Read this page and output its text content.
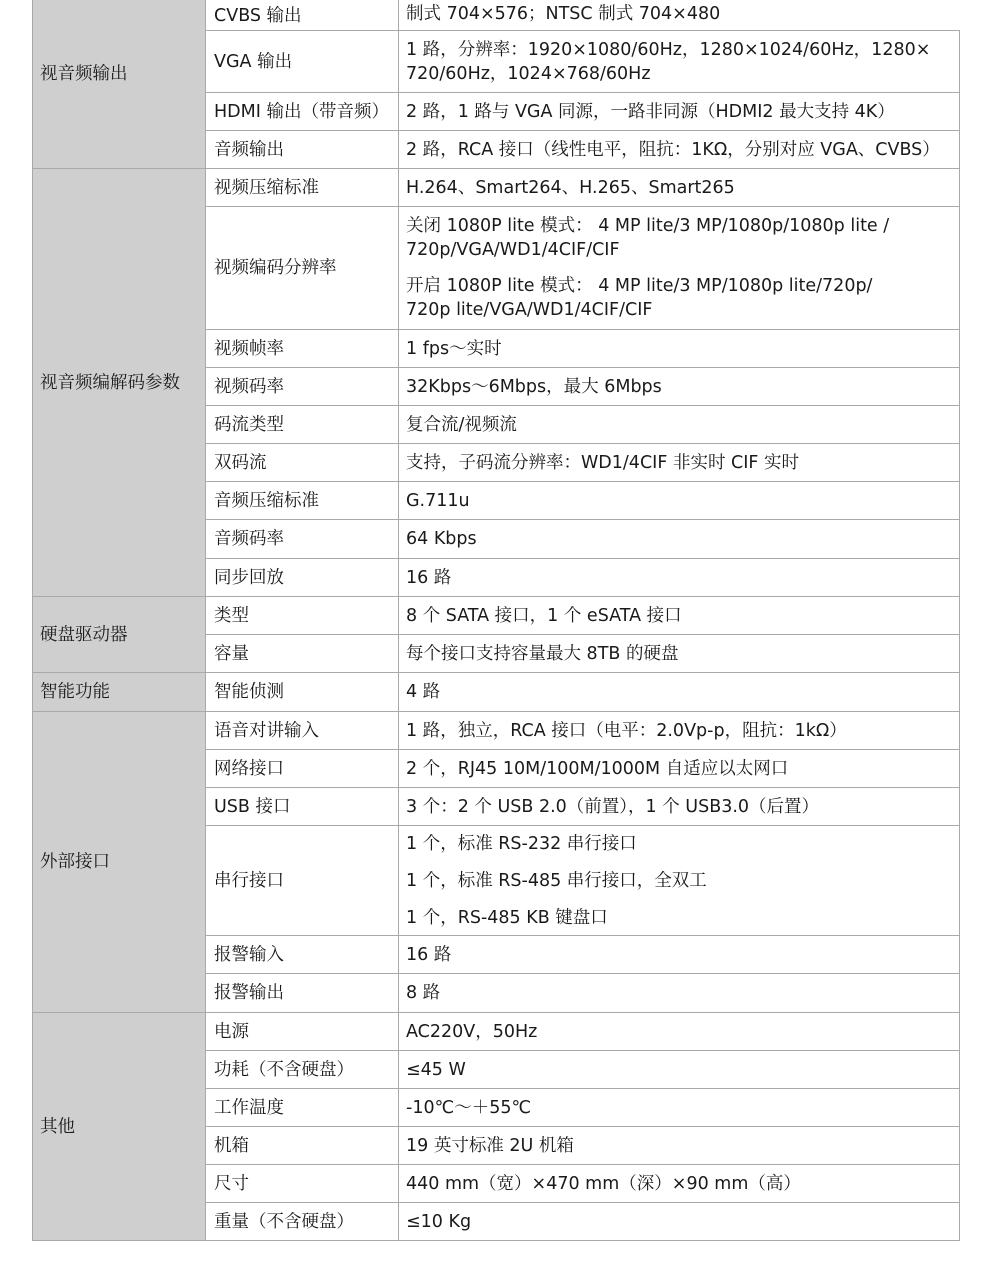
视音频输出	CVBS 输出	制式 704×576；NTSC 制式 704×480

	VGA 输出	1 路，分辨率：1920×1080/60Hz，1280×1024/60Hz，1280×
720/60Hz，1024×768/60Hz

	HDMI 输出（带音频）	2 路，1 路与 VGA 同源，一路非同源（HDMI2 最大支持 4K）

	音频输出	2 路，RCA 接口（线性电平，阻抗：1KΩ，分别对应 VGA、CVBS）

视音频编解码参数	视频压缩标准	H.264、Smart264、H.265、Smart265

	视频编码分辨率	关闭 1080P lite 模式： 4 MP lite/3 MP/1080p/1080p lite /
720p/VGA/WD1/4CIF/CIF
开启 1080P lite 模式： 4 MP lite/3 MP/1080p lite/720p/
720p lite/VGA/WD1/4CIF/CIF

	视频帧率	1 fps～实时

	视频码率	32Kbps～6Mbps，最大 6Mbps

	码流类型	复合流/视频流

	双码流	支持，子码流分辨率：WD1/4CIF 非实时 CIF 实时

	音频压缩标准	G.711u

	音频码率	64 Kbps

	同步回放	16 路

硬盘驱动器	类型	8 个 SATA 接口，1 个 eSATA 接口

	容量	每个接口支持容量最大 8TB 的硬盘

智能功能	智能侦测	4 路

外部接口	语音对讲输入	1 路，独立，RCA 接口（电平：2.0Vp-p，阻抗：1kΩ）

	网络接口	2 个，RJ45 10M/100M/1000M 自适应以太网口

	USB 接口	3 个：2 个 USB 2.0（前置），1 个 USB3.0（后置）

	串行接口	1 个，标准 RS-232 串行接口
1 个，标准 RS-485 串行接口，全双工
1 个，RS-485 KB 键盘口

	报警输入	16 路

	报警输出	8 路

其他	电源	AC220V，50Hz

	功耗（不含硬盘）	≤45 W

	工作温度	-10℃～＋55℃

	机箱	19 英寸标准 2U 机箱

	尺寸	440 mm（宽）×470 mm（深）×90 mm（高）

	重量（不含硬盘）	≤10 Kg
